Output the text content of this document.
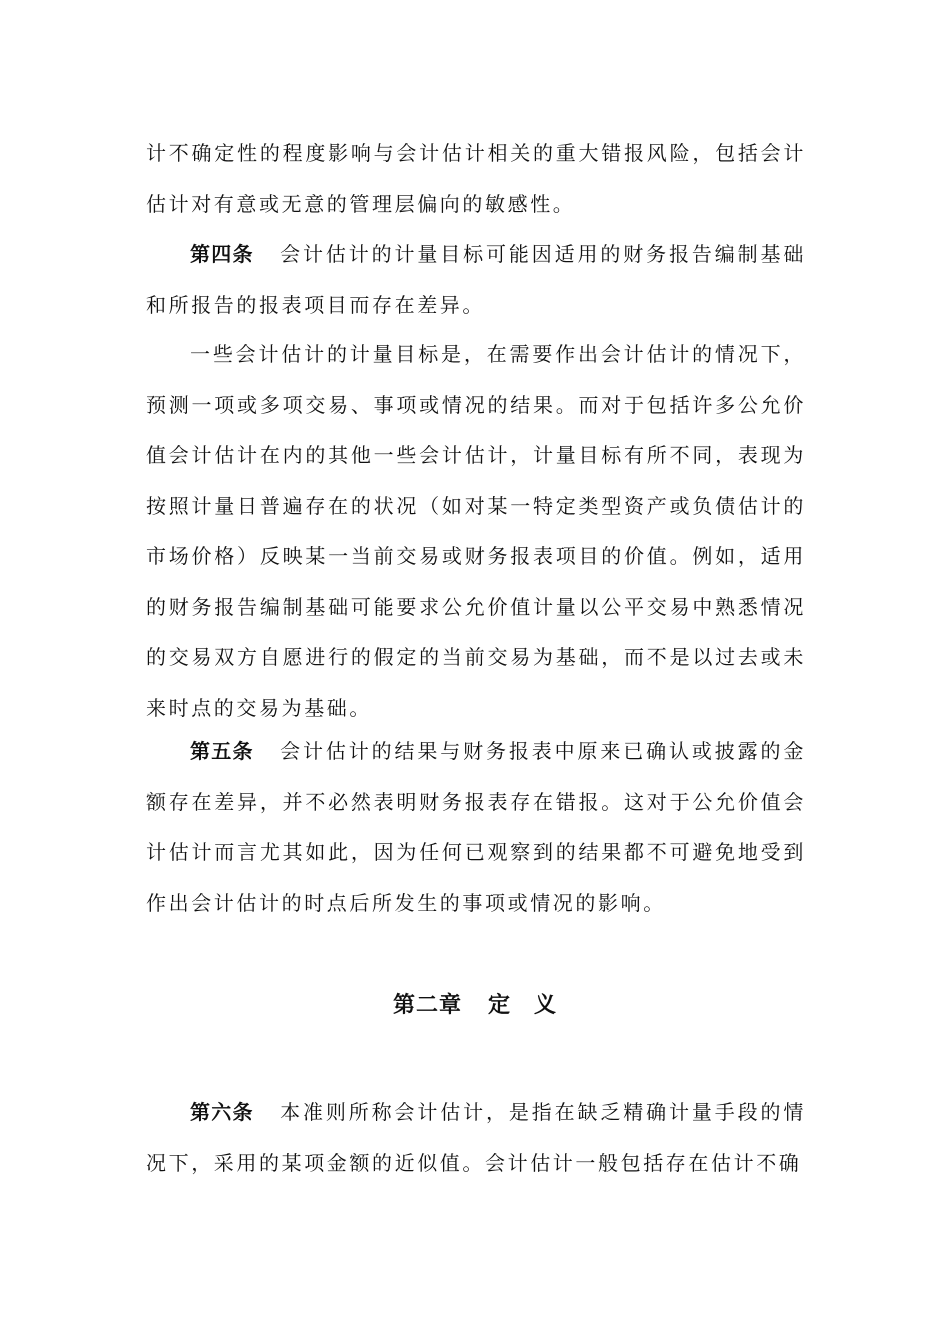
计不确定性的程度影响与会计估计相关的重大错报风险，包括会计估计对有意或无意的管理层偏向的敏感性。

第四条 会计估计的计量目标可能因适用的财务报告编制基础和所报告的报表项目而存在差异。

一些会计估计的计量目标是，在需要作出会计估计的情况下，预测一项或多项交易、事项或情况的结果。而对于包括许多公允价值会计估计在内的其他一些会计估计，计量目标有所不同，表现为按照计量日普遍存在的状况（如对某一特定类型资产或负债估计的市场价格）反映某一当前交易或财务报表项目的价值。例如，适用的财务报告编制基础可能要求公允价值计量以公平交易中熟悉情况的交易双方自愿进行的假定的当前交易为基础，而不是以过去或未来时点的交易为基础。

第五条 会计估计的结果与财务报表中原来已确认或披露的金额存在差异，并不必然表明财务报表存在错报。这对于公允价值会计估计而言尤其如此，因为任何已观察到的结果都不可避免地受到作出会计估计的时点后所发生的事项或情况的影响。

第二章 定　义

第六条 本准则所称会计估计，是指在缺乏精确计量手段的情况下，采用的某项金额的近似值。会计估计一般包括存在估计不确
